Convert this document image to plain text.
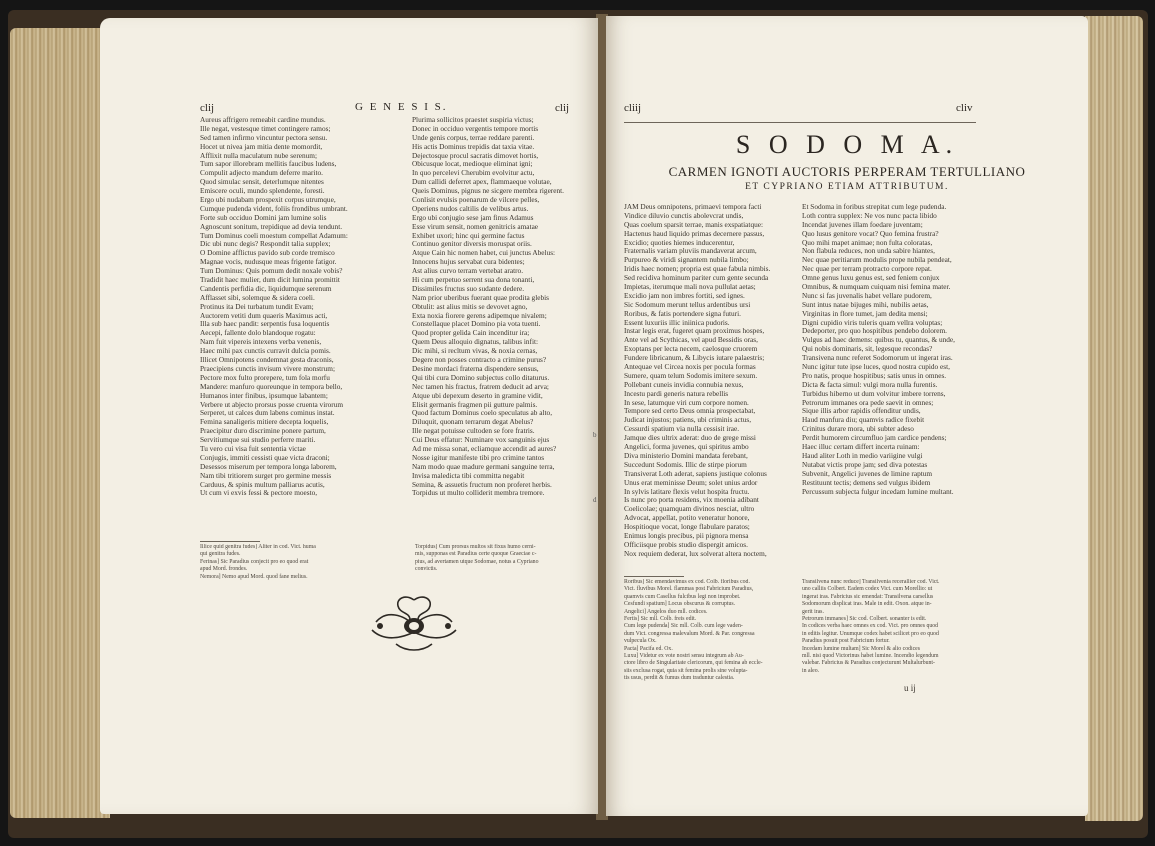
clij	G E N E S I S.	clij
Aureus affrigero remeabit cardine mundus.
Ille negat, vestesque timet contingere ramos;
Sed tamen infirmo vincuntur pectora sensu.
Hocet ut nivea jam mitia dente momordit,
Afflixit nulla maculatum nube serenum;
Tum sapor illorebram mellitis faucibus ludens,
Compulit adjecto mandum deferre marito.
Quod simulac sensit, deterlumque nitentes
Emiscere oculi, mundo splendente, foresti.
Ergo ubi nudabam prospexit corpus utrumque,
Cumque pudenda vident, foliis frondibus umbrant.
Forte sub occiduo Domini jam lumine solis
Agnoscunt sonitum, trepidique ad devia tendunt.
Tum Dominus coeli moestum compellat Adamum:
Dic ubi nunc degis? Respondit talia supplex;
O Domine afflictus pavido sub corde tremisco
Magnae vocis, nudusque meas frigente fatigor.
Tum Dominus: Quis pomum dedit noxale vobis?
Tradidit haec mulier, dum dicit lumina promittit
Candentis perfidia dic, liquidumque serenum
Afflasset sibi, solemque & sidera coeli.
Protinus ita Dei turbatum tundit Evam;
Auctorem vetiti dum quaeris Maximus acti,
Illa sub haec pandit: serpentis fusa loquentis
Aecepi, fallente dolo blandoque rogatu:
Nam fuit vipereis intexens verba venenis,
Haec mihi pax cunctis curravit dulcia pomis.
Illicet Omnipotens condemnat gesta draconis,
Praecipiens cunctis invisum vivere monstrum;
Pectore mox fulto prorepere, tum fola morfu
Mandere: manfuro quoreunque in tempora bello,
Humanos inter finibus, ipsumque labantem;
Verbere ut abjecto prorsus posse cruenta virorum
Serperet, ut calces dum labens cominus instat.
Femina sanaligeris mitiere decepta loquelis,
Praecipitur duro discrimine ponere partum,
Servitiumque sui studio perferre mariti.
Tu vero cui visa fuit sententia victae
Conjugis, immiti cessisti quae victa draconi;
Desessos miserum per tempora longa laborem,
Nam tibi tritiorem surget pro germine messis
Carduus, & spinis multum palliarus acutis,
Ut cum vi exvis fessi & pectore moesto,
Plurima sollicitos praestet suspiria victus;
Donec in occiduo vergentis tempore mortis
Unde genis corpus, terrae reddare parenti.
His actis Dominus trepidis dat taxia vitae.
Dejectosque procul sacratis dimovet hortis,
Obicusque locat, medioque eliminat igni;
In quo percelevi Cherubim evolvitur actu,
Dum callidi deferret apex, flammaeque volutae,
Queis Dominus, pignus ne sicgere membra rigerent.
Conlisit evulsis poenarum de vilcere pelles,
Operiens nudos caltilis de velibus artus.
Ergo ubi conjugio sese jam finus Adamus
Esse virum sensit, nomen genitricis amatae
Exhibet uxori; hinc qui germine factus
Continuo genitor diversis moruspat oriis.
Atque Cain hic nomen habet, cui junctus Abelus:
Innocens hujus servabat cura bidentes;
Ast alius curvo terram vertebat aratro.
Hi cum perpetuo serrent sua dona tonanti,
Dissimiles fructus suo sudante dedere.
Nam prior uberibus fuerant quae prodita glebis
Obtulit: ast alius mitis se devovet agno,
Exta noxia fiorere gerens adipemque nivalem;
Constellaque placet Domino pia vota tuenti.
Quod propter gelida Cain incenditur ira;
Quem Deus alloquio dignatus, talibus infit:
Dic mihi, si recltum vivas, & noxia cernas,
Degere non posses contracto a crimine purus?
Desine mordaci fraterna dispendere sensus,
Qui tibi cura Domino subjectus collo ditaturus.
Nec tamen his fractus, fratrem deducit ad arva;
Atque ubi depexum deserto in gramine vidit,
Elisit germanis fragmen pii gutture palmis.
Quod factum Dominus coelo speculatus ab alto,
Diluquit, quonam terrarum degat Abelus?
Ille negat potuisse cultoden se fore fratris.
Cui Deus effatur: Numinare vox sanguinis ejus
Ad me missa sonat, ecliamque accendit ad aures?
Nosse igitur manifeste tibi pro crimine tantos
Nam modo quae madure germani sanguine terra,
Invisa maledicta tibi committa negabit
Semina, & assuetis fructum non proferet herbis.
Torpidus ut multo colliderit membra tremore.
Illice quid genitra fudes] Aliter in cod. Vict. huma
qui genitra fudes.
Ferinas] Sic Paradius conjecit pro eo quod erat
apud Mord. frondes.
Nemora] Nemo apud Mord. quod fane melius.
Torpidus] Cum prorsus multos sit fixus humo cerni-
mis, supponas est Paradius certe quoque Graeciae c-
pius, ad avertamen utque Sodomae, notus a Cypriano
convictis.
b
d
cliij	cliv
S O D O M A.
CARMEN IGNOTI AUCTORIS PERPERAM TERTULLIANO
ET CYPRIANO ETIAM ATTRIBUTUM.
JAM Deus omnipotens, primaevi tempora facti
Vindice diluvio cunctis abolevcrat undis,
Quas coelum sparsit terrae, manis exspatiatque:
Hactenus haud liquido primas decernere passus,
Excidio; quoties hiemes inducerentur,
Fraternalis variam pluviis mandaverat arcum,
Purpureo & viridi signantem nubila limbo;
Iridis haec nomen; propria est quae fabula nimbis.
Sed recidiva hominum pariter cum gente secunda
Impietas, iterumque mali nova pullulat aetas;
Excidio jam non imbres fortiti, sed ignes.
Sic Sodomum merunt tellus ardentibus ursi
Roribus, & fatis portendere signa futuri.
Essent luxuriis illic iniinica pudoris.
Instar legis erat, fugeret quam proximus hospes,
Ante vel ad Scythicas, vel apud Bessidis oras,
Exoptans per lecta necem, caelosque cruorem
Fundere libricanum, & Libycis iutare palaestris;
Antequae vel Circea noxis per pocula formas
Sumere, quam telum Sodomis imitere sexum.
Pollebant cuneis invidia connubia nexus,
Incestu pardi generis natura rebellis
In sese, latumque viri cum corpore nomen.
Tempore sed certo Deus omnia prospectabat,
Judicat injustos; patiens, ubi criminis actus,
Cessurdi spatium via nulla cessisit irae.
Jamque dies ultrix aderat: duo de grege missi
Angelici, forma juvenes, qui spiritus ambo
Diva ministerio Domini mandata ferebant,
Succedunt Sodomis. Illic de stirpe piorum
Transiverat Loth aderat, sapiens justique colonus
Unus erat meminisse Deum; solet unius ardor
In sylvis latitare flexis velut hospita fructu.
Is nunc pro porta residens, vix moenia adibant
Coelicolae; quamquam divinos nesciat, ultro
Advocat, appellat, potito veneratur honore,
Hospitioque vocat, longe flabulare paratos;
Enimus longis precibus, pii pignora mensa
Officiisque probis studio dispergit amicos.
Nox requiem dederat, lux solverat altera noctem,
Et Sodoma in foribus strepitat cum lege pudenda.
Loth contra supplex: Ne vos nunc pacta libido
Incendat juvenes illam foedare juventam;
Quo lusus genitore vocat? Quo femina frustra?
Quo mihi mapet animae; non fulta coloratas,
Non flabula reduces, non unda sabire hiantes,
Nec quae peritiarum modulis prope nubila pendeat,
Nec quae per terram protracto corpore repat.
Omne genus luxu genus est, sed feniem conjux
Omnibus, & numquam cuiquam nisi femina mater.
Nunc si fas juvenalis habet vellare pudorem,
Sunt intus natae bijuges mihi, nubilis aetas,
Virginitas in flore tumet, jam dedita mensi;
Digni cupidio viris tuleris quam vellra voluptas;
Dedeporter, pro quo hospitibus pendebo dolorem.
Vulgus ad haec demens: quibus tu, quantus, & unde,
Qui nobis dominaris, sit, legesque recondas?
Transivena nunc referet Sodomorum ut ingerat iras.
Nunc igitur tute ipse luces, quod nostra cupido est,
Pro natis, proque hospitibus; satis unus in omnes.
Dicta & facta simul: vulgi mora nulla furentis.
Turbidus hiberno ut dum volvitur imbere torrens,
Petrorum immanes ora pede saevit in omnes;
Sique illis arbor rapidis offenditur undis,
Haud manfura diu; quamvis radice fixebit
Crinitus durare mora, ubi subter adeso
Perdit humorem circumfluo jam cardice pendens;
Haec illuc certam differt incerta ruinam:
Haud aliter Loth in medio variigine vulgi
Nutabat victis prope jam; sed diva potestas
Subvenit, Angelici juvenes de limine raptum
Restituunt tectis; demens sed vulgus ibidem
Percussum subjecta fulgur incedam lumine multant.
Roribus] Sic emendavimus ex cod. Colb. floribus cod.
Vict. fluvibus Morel. flammas post Fabricium Paradius,
quamvis cum Casellus fulcibus legi non improbet.
Cesfundi spatium] Locus obscurus & corruptus.
Angelici] Angelos duo mll. codices.
Fertis] Sic mll. Colb. freis edit.
Cum lege pudenda] Sic mll. Colb. cum lege vaden-
dum Vict. congressa malevalum Mord. & Par. congressa
vulpecula Ox.
Pacta] Pacifa ed. Ox.
Luxu] Videtur ex vote nostri sensu integrum ab Au-
ctore libro de Singularitate clericorum, qui femina ab eccle-
siis exclusa rogat, quia sit femina prolis sine volupta-
tis usus, perdit & fumus dum traduntur calestia.
Transilvena nunc reduce] Transilvenia recerallier cod. Vict.
uno calliis Colbert. Eadem codex Vict. cum Morellio: ut
ingerat iras. Fabricius sic emendat: Transilvena carsellus
Sodomorum displicat iras. Male in edit. Oxon. atque in-
gerit iras.
Petrorum immanes] Sic cod. Colbert. sonanter is edit.
In codices verba haec omnes ex cod. Vict. pro omnes quod
in editis legitur. Unumque codex habet scilicet pro eo quod
Paradius posuit post Fabricium fortur.
Incedam lumine multam] Sic Morel & alio codices
mll. nisi quod Victorinus habet lumine. Incendio legendum
valebar. Fabricius & Paradius conjecturunt Multalurbunt-
in aleo.
u ij
